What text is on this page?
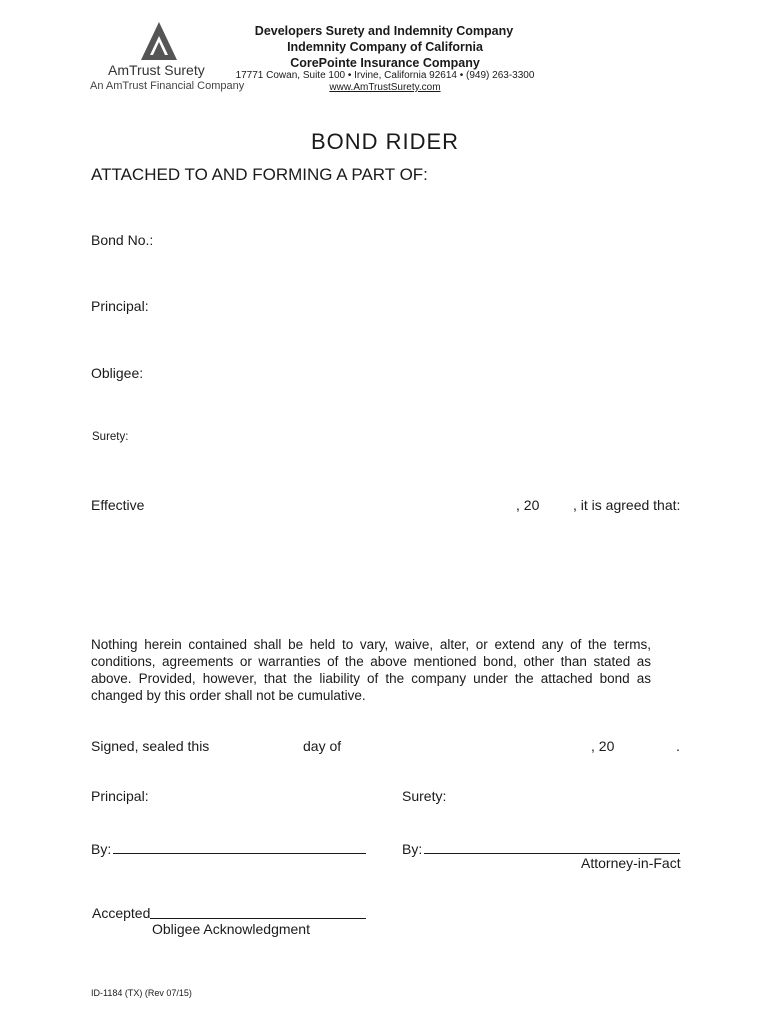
AmTrust Surety
An AmTrust Financial Company
Developers Surety and Indemnity Company
Indemnity Company of California
CorePointe Insurance Company
17771 Cowan, Suite 100 • Irvine, California 92614 • (949) 263-3300
www.AmTrustSurety.com
BOND RIDER
ATTACHED TO AND FORMING A PART OF:
Bond No.:
Principal:
Obligee:
Surety:
Effective	, 20 , it is agreed that:
Nothing herein contained shall be held to vary, waive, alter, or extend any of the terms, conditions, agreements or warranties of the above mentioned bond, other than stated as above. Provided, however, that the liability of the company under the attached bond as changed by this order shall not be cumulative.
Signed, sealed this	day of	, 20	.
Principal:	Surety:
By:	By:
Attorney-in-Fact
Accepted
Obligee Acknowledgment
ID-1184 (TX) (Rev 07/15)
